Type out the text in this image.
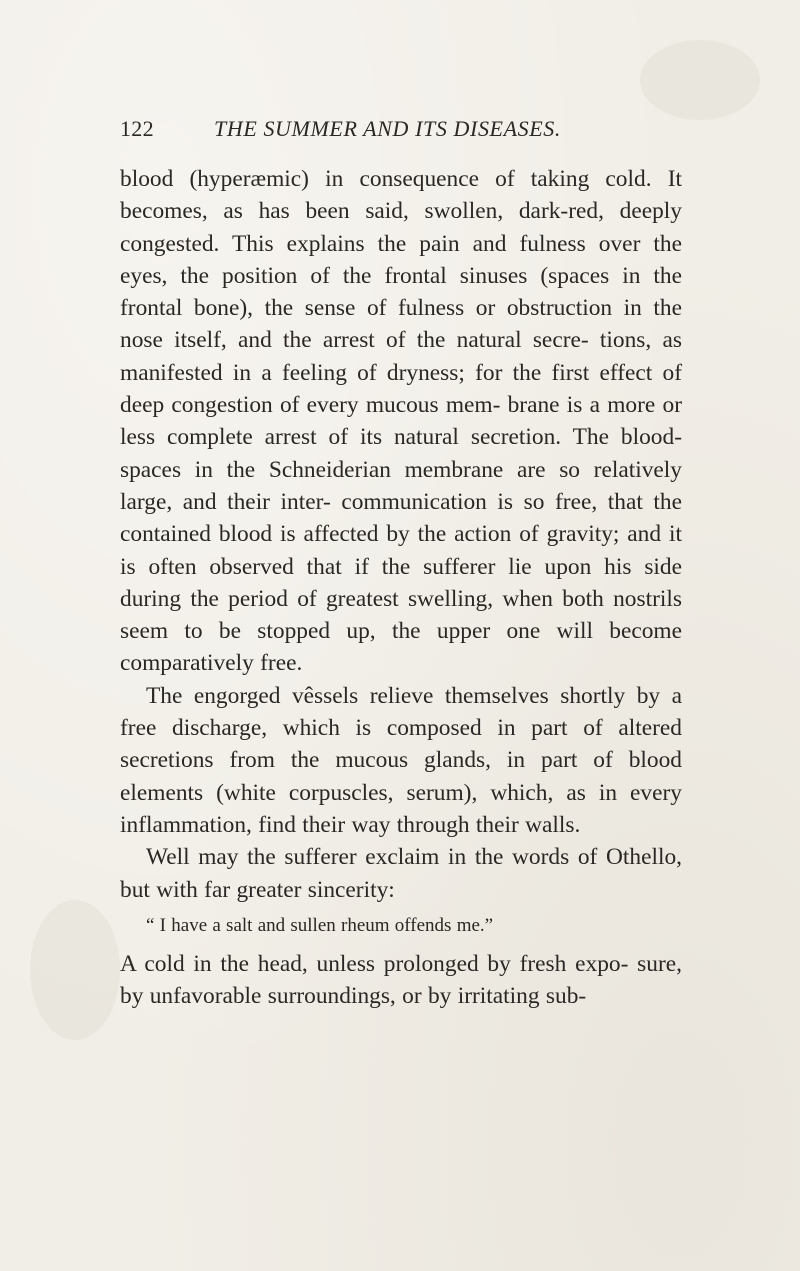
122	THE SUMMER AND ITS DISEASES.

blood (hyperæmic) in consequence of taking cold. It becomes, as has been said, swollen, dark-red, deeply congested. This explains the pain and fulness over the eyes, the position of the frontal sinuses (spaces in the frontal bone), the sense of fulness or obstruction in the nose itself, and the arrest of the natural secre- tions, as manifested in a feeling of dryness; for the first effect of deep congestion of every mucous mem- brane is a more or less complete arrest of its natural secretion. The blood-spaces in the Schneiderian membrane are so relatively large, and their inter- communication is so free, that the contained blood is affected by the action of gravity; and it is often observed that if the sufferer lie upon his side during the period of greatest swelling, when both nostrils seem to be stopped up, the upper one will become comparatively free.

The engorged vêssels relieve themselves shortly by a free discharge, which is composed in part of altered secretions from the mucous glands, in part of blood elements (white corpuscles, serum), which, as in every inflammation, find their way through their walls.

Well may the sufferer exclaim in the words of Othello, but with far greater sincerity:

“ I have a salt and sullen rheum offends me.”

A cold in the head, unless prolonged by fresh expo- sure, by unfavorable surroundings, or by irritating sub-
